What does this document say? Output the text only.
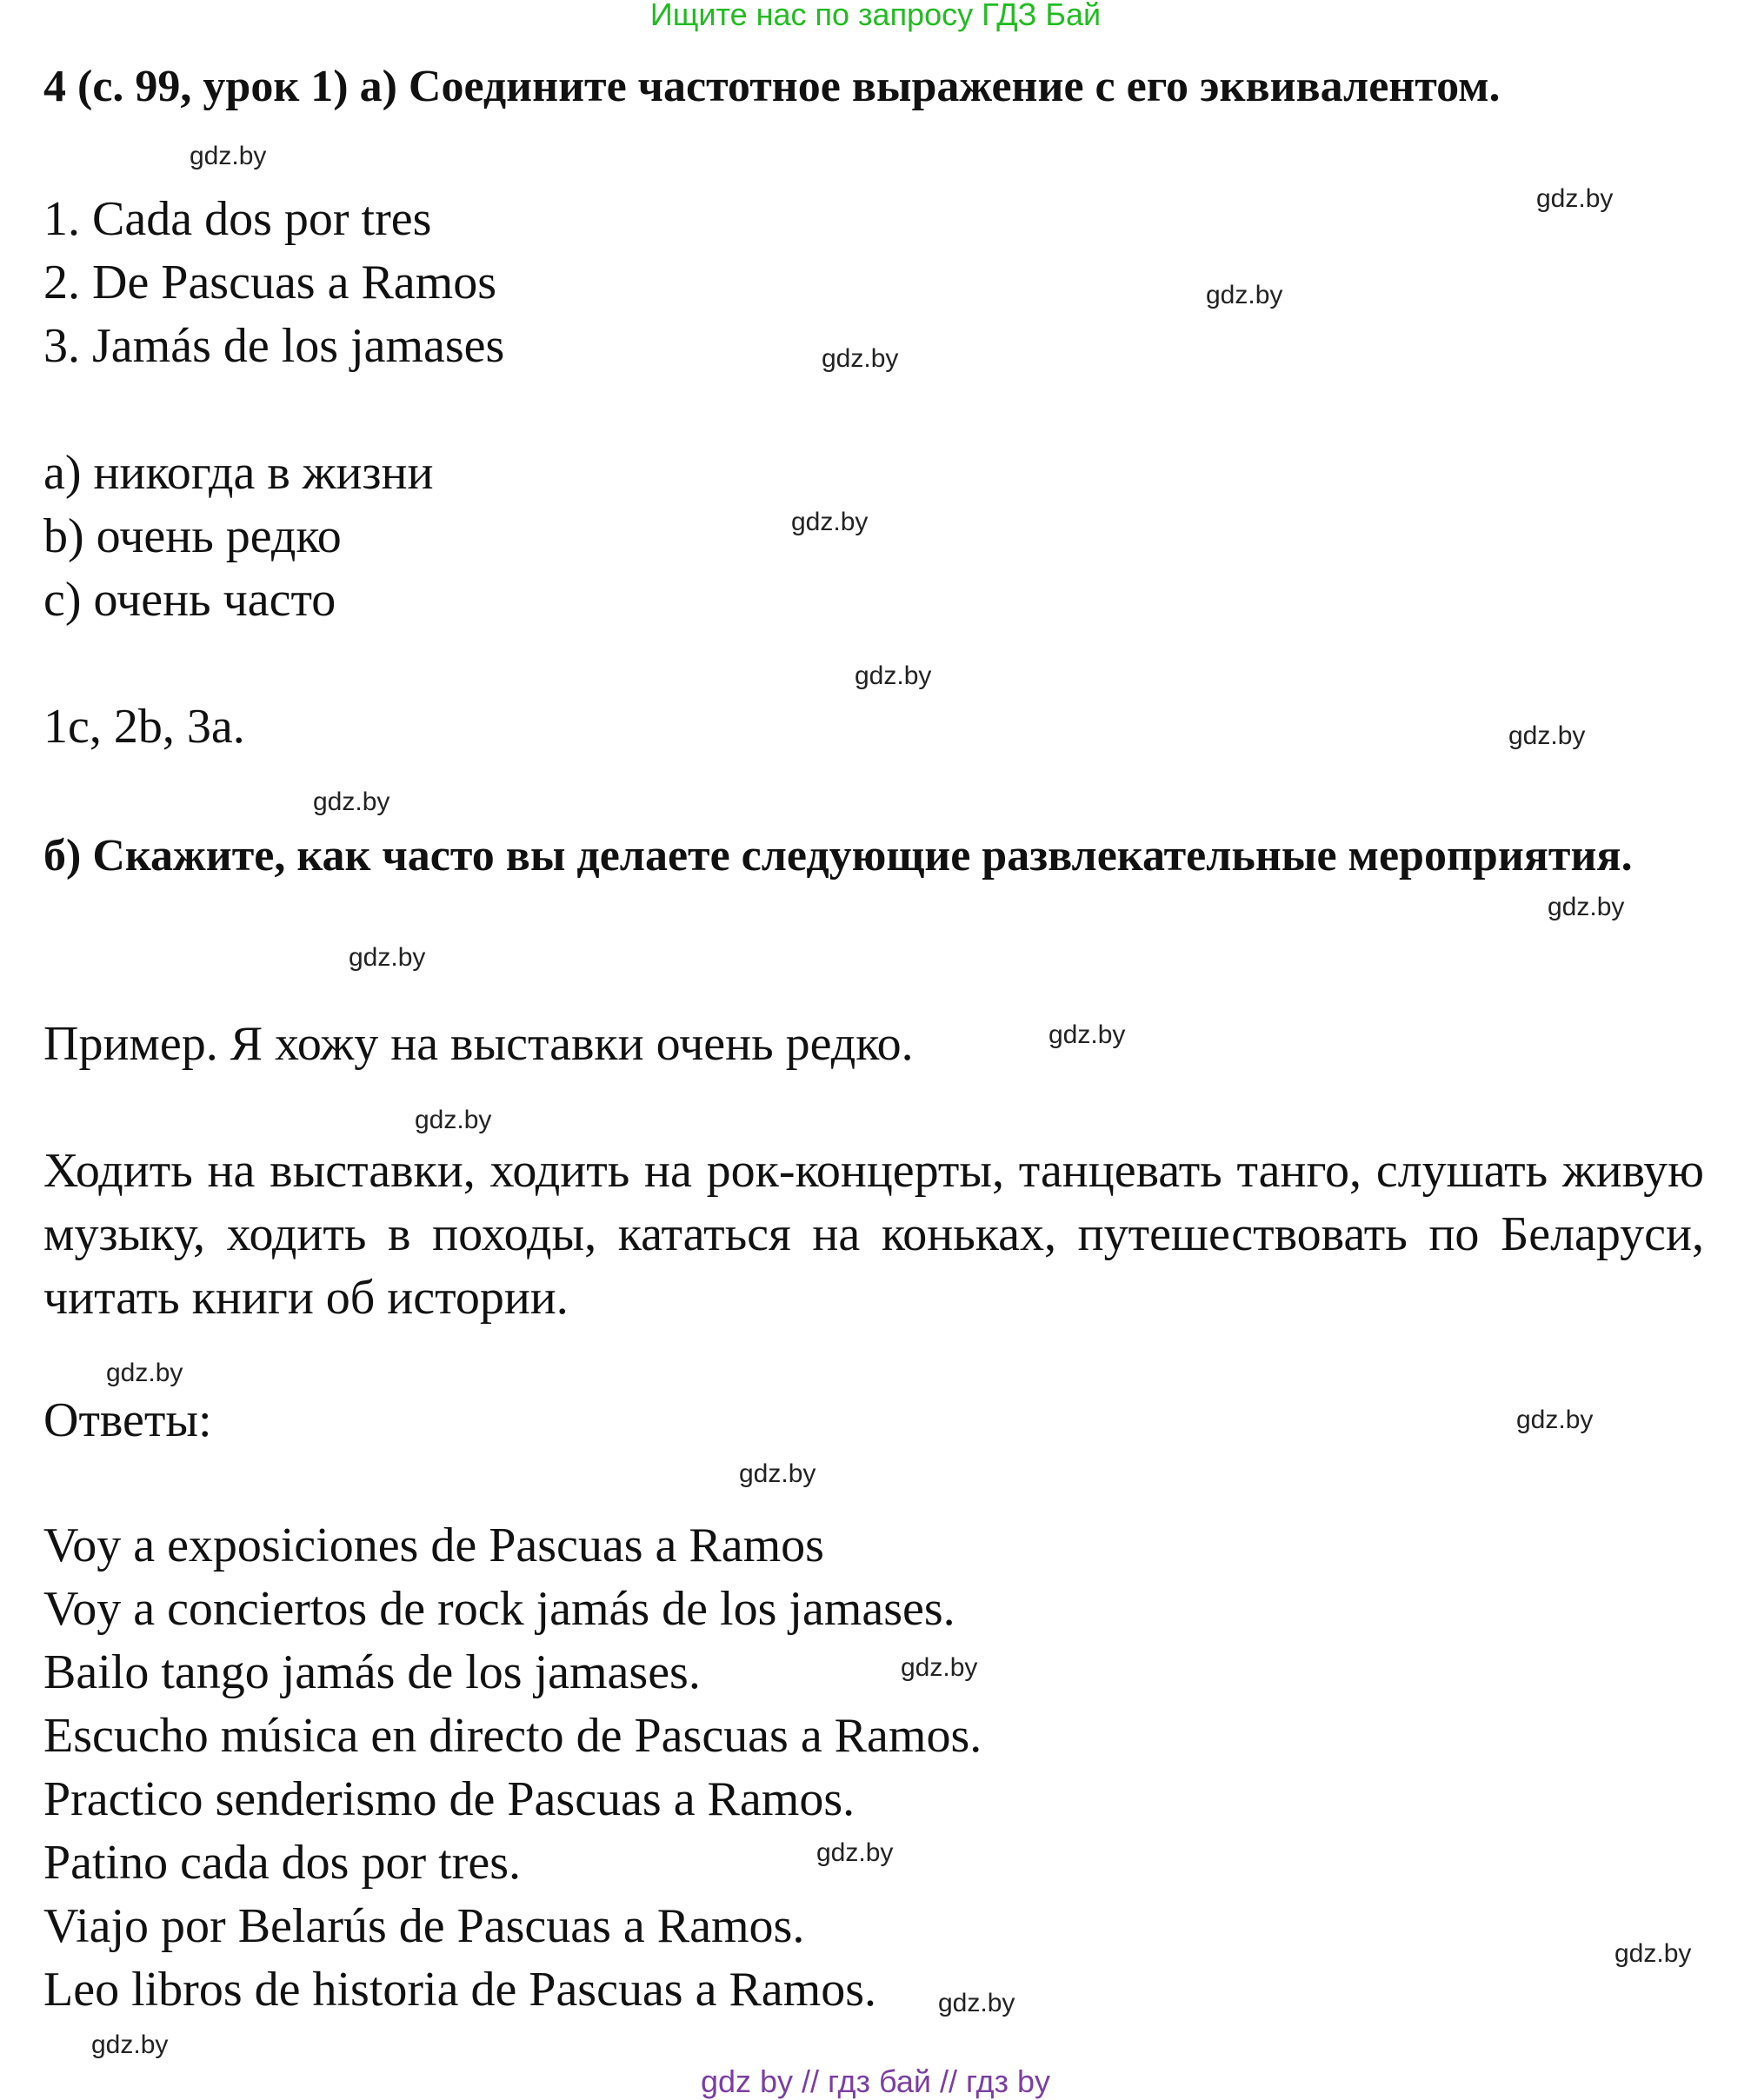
Ищите нас по запросу ГДЗ Бай
4 (с. 99, урок 1) а) Соедините частотное выражение с его эквивалентом.
1. Cada dos por tres
2. De Pascuas a Ramos
3. Jamás de los jamases
a) никогда в жизни
b) очень редко
c) очень часто
1c, 2b, 3a.
б) Скажите, как часто вы делаете следующие развлекательные мероприятия.
Пример. Я хожу на выставки очень редко.
Ходить на выставки, ходить на рок-концерты, танцевать танго, слушать живую музыку, ходить в походы, кататься на коньках, путешествовать по Беларуси, читать книги об истории.
Ответы:
Voy a exposiciones de Pascuas a Ramos
Voy a conciertos de rock jamás de los jamases.
Bailo tango jamás de los jamases.
Escucho música en directo de Pascuas a Ramos.
Practico senderismo de Pascuas a Ramos.
Patino cada dos por tres.
Viajo por Belarús de Pascuas a Ramos.
Leo libros de historia de Pascuas a Ramos.
gdz.by
gdz.by
gdz.by
gdz.by
gdz.by
gdz.by
gdz.by
gdz.by
gdz.by
gdz.by
gdz.by
gdz.by
gdz.by
gdz.by
gdz.by
gdz.by
gdz.by
gdz.by
gdz.by
gdz.by
gdz by // гдз бай // гдз by
